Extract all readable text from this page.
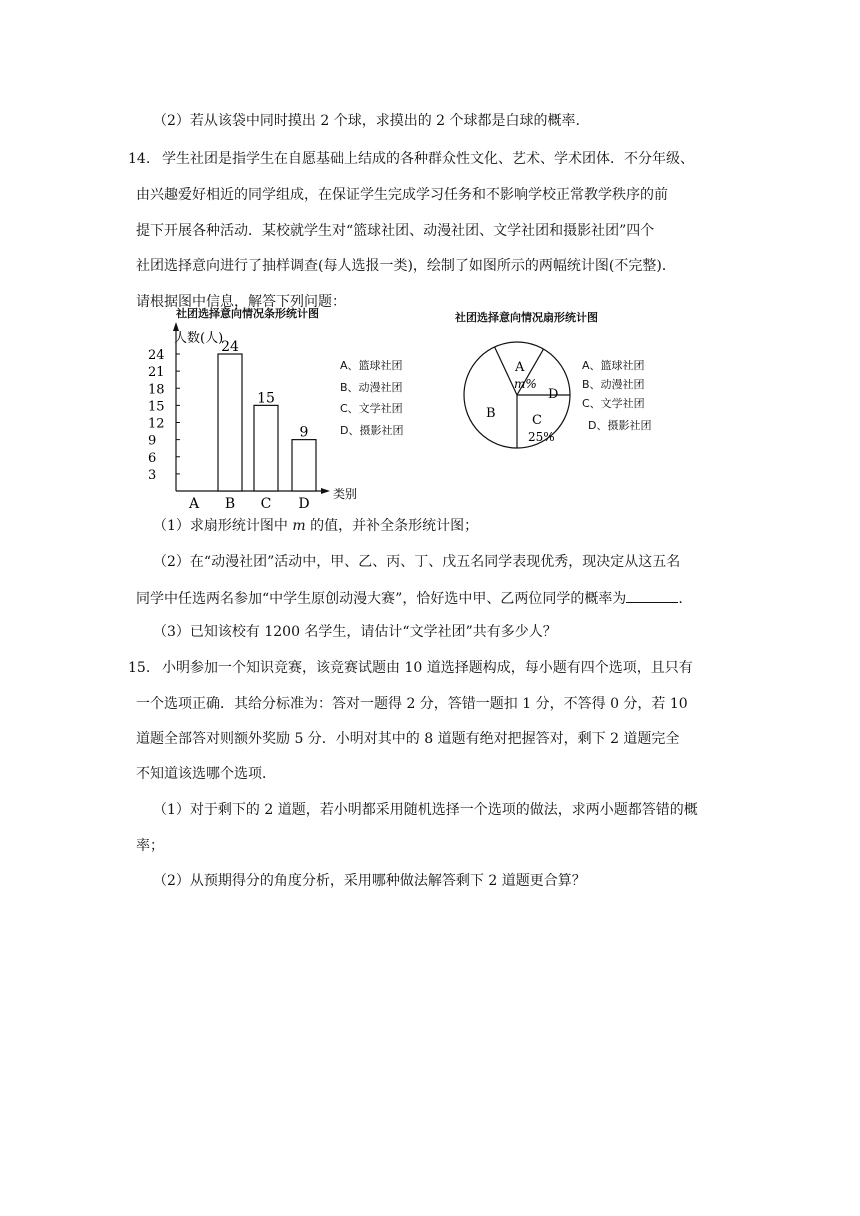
（2）若从该袋中同时摸出 2 个球，求摸出的 2 个球都是白球的概率.
14. 学生社团是指学生在自愿基础上结成的各种群众性文化、艺术、学术团体．不分年级、
由兴趣爱好相近的同学组成，在保证学生完成学习任务和不影响学校正常教学秩序的前
提下开展各种活动．某校就学生对“篮球社团、动漫社团、文学社团和摄影社团”四个
社团选择意向进行了抽样调查(每人选报一类)，绘制了如图所示的两幅统计图(不完整)．
请根据图中信息，解答下列问题：
社团选择意向情况条形统计图
人数(人)
类别
3
6
9
12
15
18
21
24
24
15
9
A B C D
A、篮球社团
B、动漫社团
C、文学社团
D、摄影社团
社团选择意向情况扇形统计图
A
m%
B	C
25%
D
A、篮球社团
B、动漫社团
C、文学社团
D、摄影社团
（1）求扇形统计图中 m 的值，并补全条形统计图；
（2）在“动漫社团”活动中，甲、乙、丙、丁、戊五名同学表现优秀，现决定从这五名
同学中任选两名参加“中学生原创动漫大赛”，恰好选中甲、乙两位同学的概率为	.
（3）已知该校有 1200 名学生，请估计“文学社团”共有多少人？
15. 小明参加一个知识竞赛，该竞赛试题由 10 道选择题构成，每小题有四个选项，且只有
一个选项正确．其给分标准为：答对一题得 2 分，答错一题扣 1 分，不答得 0 分，若 10
道题全部答对则额外奖励 5 分．小明对其中的 8 道题有绝对把握答对，剩下 2 道题完全
不知道该选哪个选项．
（1）对于剩下的 2 道题，若小明都采用随机选择一个选项的做法，求两小题都答错的概
率；
（2）从预期得分的角度分析，采用哪种做法解答剩下 2 道题更合算？
